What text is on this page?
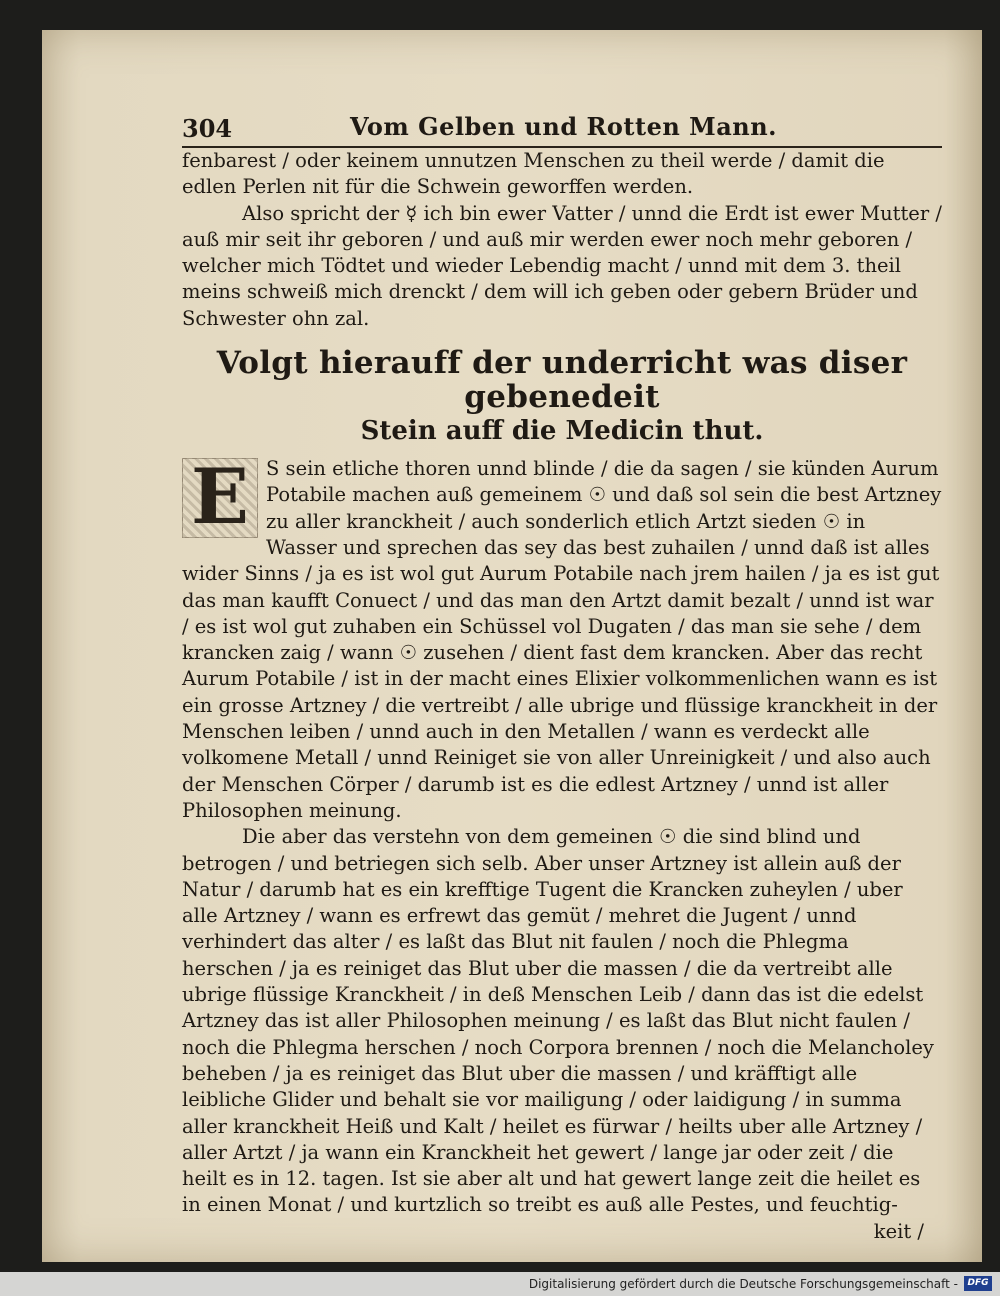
304	Vom Gelben und Rotten Mann.

fenbarest / oder keinem unnutzen Menschen zu theil werde / damit die edlen Perlen nit für die Schwein geworffen werden.

Also spricht der ☿ ich bin ewer Vatter / unnd die Erdt ist ewer Mutter / auß mir seit ihr geboren / und auß mir werden ewer noch mehr geboren / welcher mich Tödtet und wieder Lebendig macht / unnd mit dem 3. theil meins schweiß mich drenckt / dem will ich geben oder gebern Brüder und Schwester ohn zal.

Volgt hierauff der underricht was diser gebenedeit
Stein auff die Medicin thut.

E S sein etliche thoren unnd blinde / die da sagen / sie künden Aurum Potabile machen auß gemeinem ☉ und daß sol sein die best Artzney zu aller kranckheit / auch sonderlich etlich Artzt sieden ☉ in Wasser und sprechen das sey das best zuhailen / unnd daß ist alles wider Sinns / ja es ist wol gut Aurum Potabile nach jrem hailen / ja es ist gut das man kaufft Conuect / und das man den Artzt damit bezalt / unnd ist war / es ist wol gut zuhaben ein Schüssel vol Dugaten / das man sie sehe / dem krancken zaig / wann ☉ zusehen / dient fast dem krancken. Aber das recht Aurum Potabile / ist in der macht eines Elixier volkommenlichen wann es ist ein grosse Artzney / die vertreibt / alle ubrige und flüssige kranckheit in der Menschen leiben / unnd auch in den Metallen / wann es verdeckt alle volkomene Metall / unnd Reiniget sie von aller Unreinigkeit / und also auch der Menschen Cörper / darumb ist es die edlest Artzney / unnd ist aller Philosophen meinung.

Die aber das verstehn von dem gemeinen ☉ die sind blind und betrogen / und betriegen sich selb. Aber unser Artzney ist allein auß der Natur / darumb hat es ein krefftige Tugent die Krancken zuheylen / uber alle Artzney / wann es erfrewt das gemüt / mehret die Jugent / unnd verhindert das alter / es laßt das Blut nit faulen / noch die Phlegma herschen / ja es reiniget das Blut uber die massen / die da vertreibt alle ubrige flüssige Kranckheit / in deß Menschen Leib / dann das ist die edelst Artzney das ist aller Philosophen meinung / es laßt das Blut nicht faulen / noch die Phlegma herschen / noch Corpora brennen / noch die Melancholey beheben / ja es reiniget das Blut uber die massen / und kräfftigt alle leibliche Glider und behalt sie vor mailigung / oder laidigung / in summa aller kranckheit Heiß und Kalt / heilet es fürwar / heilts uber alle Artzney / aller Artzt / ja wann ein Kranckheit het gewert / lange jar oder zeit / die heilt es in 12. tagen. Ist sie aber alt und hat gewert lange zeit die heilet es in einen Monat / und kurtzlich so treibt es auß alle Pestes, und feuchtig-

keit /
Digitalisierung gefördert durch die Deutsche Forschungsgemeinschaft -	DFG
